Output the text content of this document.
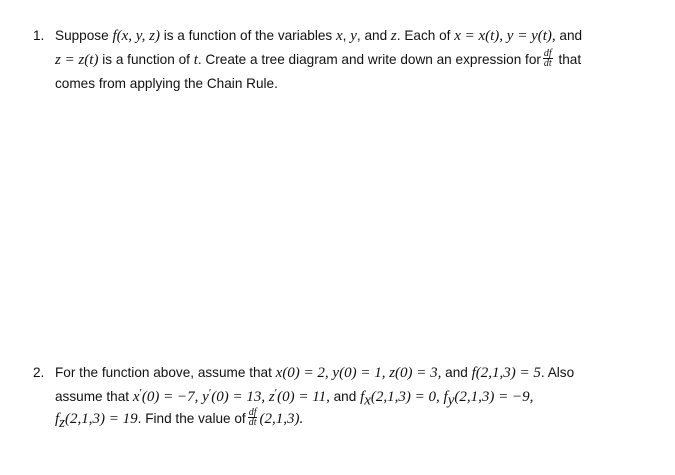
1. Suppose f(x, y, z) is a function of the variables x, y, and z. Each of x = x(t), y = y(t), and
z = z(t) is a function of t. Create a tree diagram and write down an expression for $\frac{df}{dt}$ that
comes from applying the Chain Rule.
2. For the function above, assume that x(0) = 2, y(0) = 1, z(0) = 3, and f(2,1,3) = 5. Also
assume that x′(0) = −7, y′(0) = 13, z′(0) = 11, and $f_x(2,1,3) = 0$, $f_y(2,1,3) = -9$,
$f_z(2,1,3) = 19$. Find the value of $\frac{df}{dt} (2,1,3)$.
